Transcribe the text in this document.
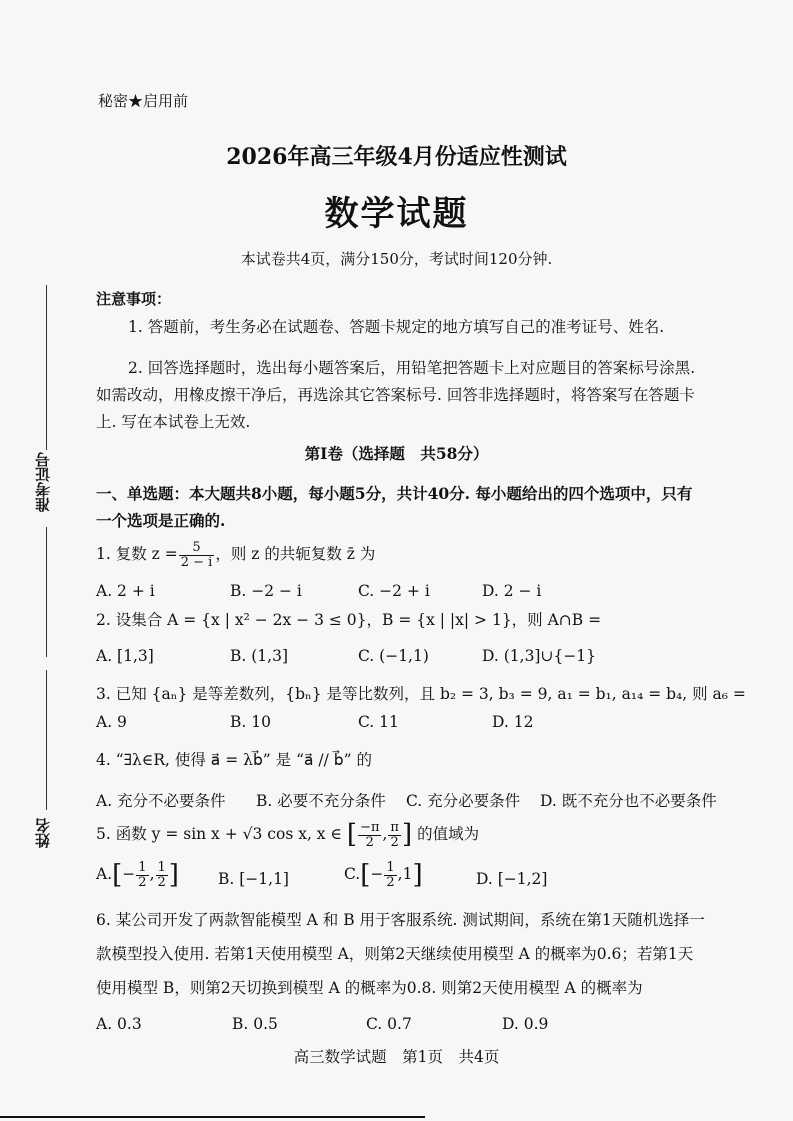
秘密★启用前
2026年高三年级4月份适应性测试
数学试题
本试卷共4页，满分150分，考试时间120分钟.
准考证号
姓名
注意事项：
1. 答题前，考生务必在试题卷、答题卡规定的地方填写自己的准考证号、姓名.
2. 回答选择题时，选出每小题答案后，用铅笔把答题卡上对应题目的答案标号涂黑.
如需改动，用橡皮擦干净后，再选涂其它答案标号. 回答非选择题时，将答案写在答题卡
上. 写在本试卷上无效.
第Ⅰ卷（选择题　共58分）
一、单选题：本大题共8小题，每小题5分，共计40分. 每小题给出的四个选项中，只有
一个选项是正确的.
1. 复数 $z = \frac{5}{2 - i}$ ，则 z 的共轭复数 z̄ 为
A. 2 + i	B. −2 − i	C. −2 + i	D. 2 − i
2. 设集合 A = {x | x² − 2x − 3 ≤ 0}，B = {x | |x| > 1}，则 A∩B =
A. [1,3]	B. (1,3]	C. (−1,1)	D. (1,3]∪{−1}
3. 已知 {aₙ} 是等差数列，{bₙ} 是等比数列，且 b₂ = 3, b₃ = 9, a₁ = b₁, a₁₄ = b₄, 则 a₆ =
A. 9	B. 10	C. 11	D. 12
4. “∃λ∈R, 使得 a⃗ = λb⃗” 是 “a⃗ // b⃗” 的
A. 充分不必要条件 B. 必要不充分条件 C. 充分必要条件 D. 既不充分也不必要条件
5. 函数 y = sin x + √3 cos x, x ∈ [ $\frac{-\pi}{2}$ , $\frac{\pi}{2}$ ] 的值域为
$A.[- \frac{1}{2}$ , $\frac{1}{2}$ ]	B. [−1,1]	$C.[- \frac{1}{2} ,1]$	D. [−1,2]
6. 某公司开发了两款智能模型 A 和 B 用于客服系统. 测试期间，系统在第1天随机选择一
款模型投入使用. 若第1天使用模型 A，则第2天继续使用模型 A 的概率为0.6；若第1天
使用模型 B，则第2天切换到模型 A 的概率为0.8. 则第2天使用模型 A 的概率为
A. 0.3	B. 0.5	C. 0.7	D. 0.9
高三数学试题　第1页　共4页
